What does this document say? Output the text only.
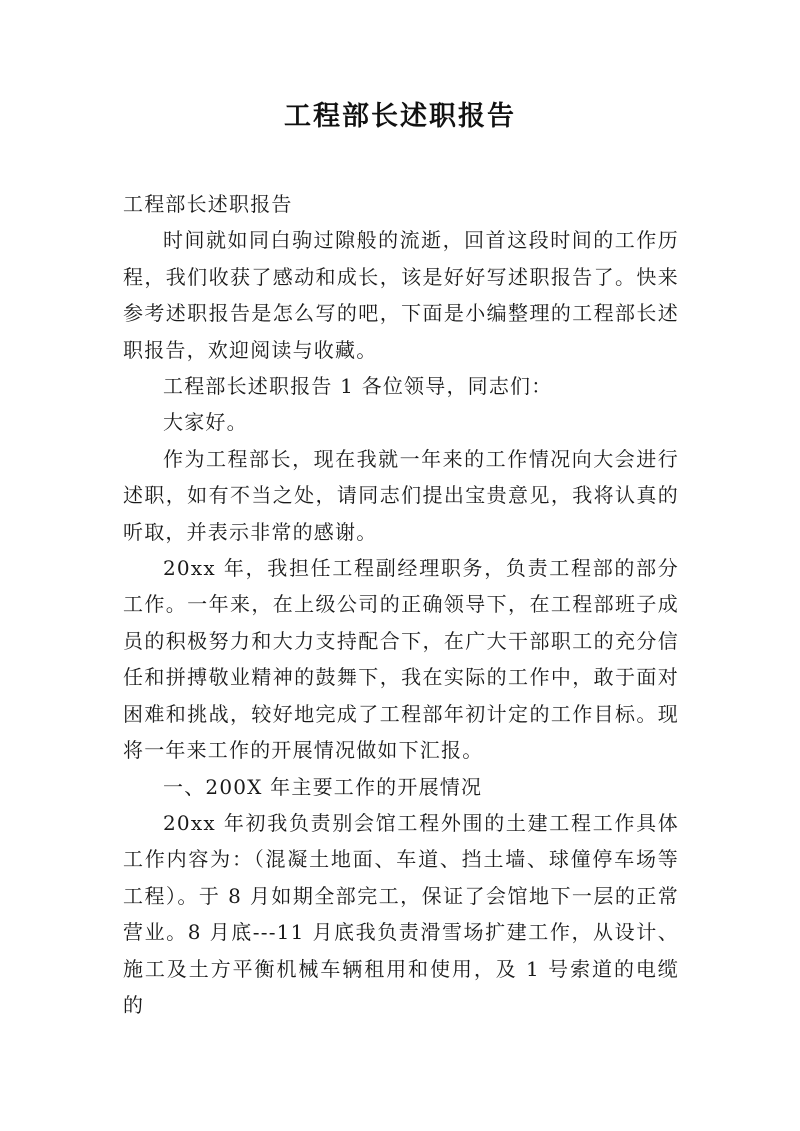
工程部长述职报告

工程部长述职报告

时间就如同白驹过隙般的流逝，回首这段时间的工作历程，我们收获了感动和成长，该是好好写述职报告了。快来参考述职报告是怎么写的吧，下面是小编整理的工程部长述职报告，欢迎阅读与收藏。

工程部长述职报告 1 各位领导，同志们：

大家好。

作为工程部长，现在我就一年来的工作情况向大会进行述职，如有不当之处，请同志们提出宝贵意见，我将认真的听取，并表示非常的感谢。

20xx 年，我担任工程副经理职务，负责工程部的部分工作。一年来，在上级公司的正确领导下，在工程部班子成员的积极努力和大力支持配合下，在广大干部职工的充分信任和拼搏敬业精神的鼓舞下，我在实际的工作中，敢于面对困难和挑战，较好地完成了工程部年初计定的工作目标。现将一年来工作的开展情况做如下汇报。

一、200X 年主要工作的开展情况

20xx 年初我负责别会馆工程外围的土建工程工作具体工作内容为：（混凝土地面、车道、挡土墙、球僮停车场等工程）。于 8 月如期全部完工，保证了会馆地下一层的正常营业。8 月底---11 月底我负责滑雪场扩建工作，从设计、施工及土方平衡机械车辆租用和使用，及 1 号索道的电缆的
